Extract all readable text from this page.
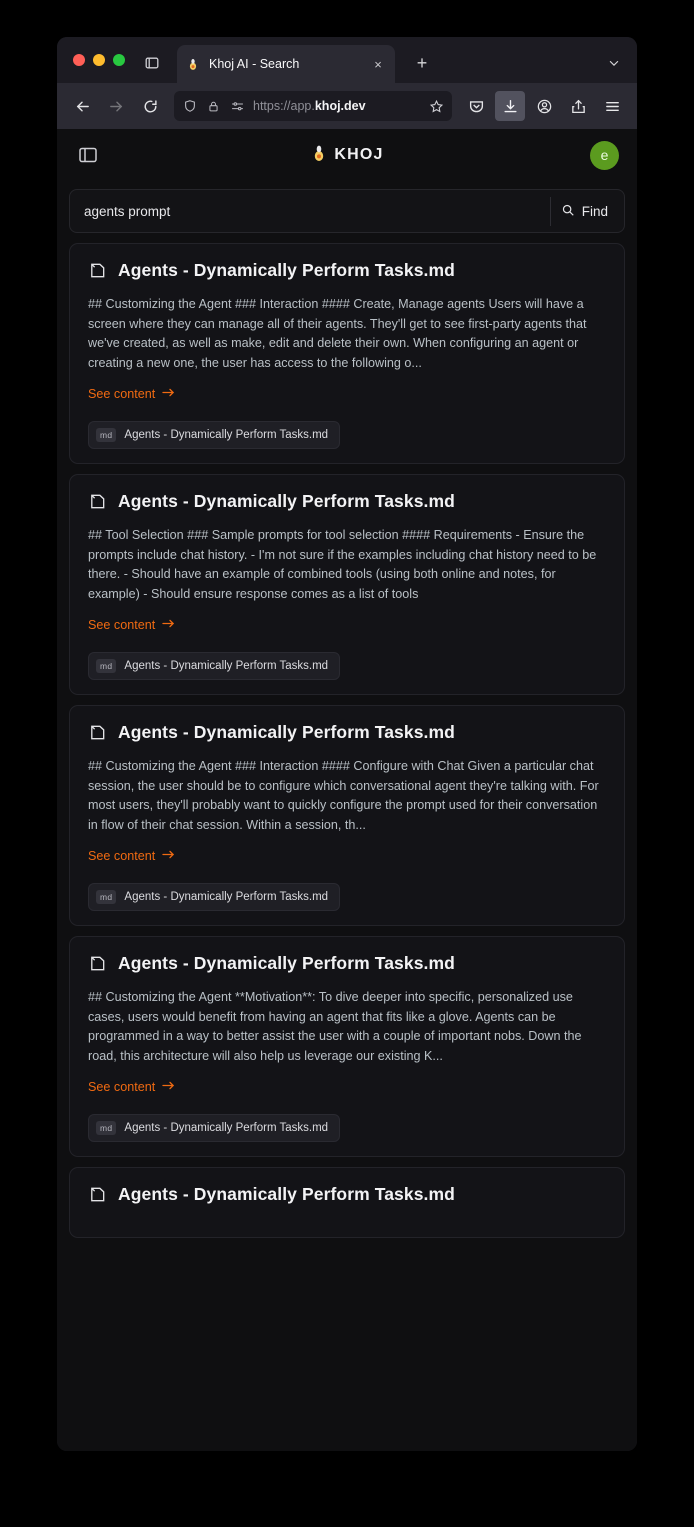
Khoj AI - Search	×	+
https://app.khoj.dev
KHOJ	e
agents prompt
Find
Agents - Dynamically Perform Tasks.md
## Customizing the Agent ### Interaction #### Create, Manage agents Users will have a screen where they can manage all of their agents. They'll get to see first-party agents that we've created, as well as make, edit and delete their own. When configuring an agent or creating a new one, the user has access to the following o...
See content
md	Agents - Dynamically Perform Tasks.md
Agents - Dynamically Perform Tasks.md
## Tool Selection ### Sample prompts for tool selection #### Requirements - Ensure the prompts include chat history. - I'm not sure if the examples including chat history need to be there. - Should have an example of combined tools (using both online and notes, for example) - Should ensure response comes as a list of tools
See content
md	Agents - Dynamically Perform Tasks.md
Agents - Dynamically Perform Tasks.md
## Customizing the Agent ### Interaction #### Configure with Chat Given a particular chat session, the user should be to configure which conversational agent they're talking with. For most users, they'll probably want to quickly configure the prompt used for their conversation in flow of their chat session. Within a session, th...
See content
md	Agents - Dynamically Perform Tasks.md
Agents - Dynamically Perform Tasks.md
## Customizing the Agent **Motivation**: To dive deeper into specific, personalized use cases, users would benefit from having an agent that fits like a glove. Agents can be programmed in a way to better assist the user with a couple of important nobs. Down the road, this architecture will also help us leverage our existing K...
See content
md	Agents - Dynamically Perform Tasks.md
Agents - Dynamically Perform Tasks.md
